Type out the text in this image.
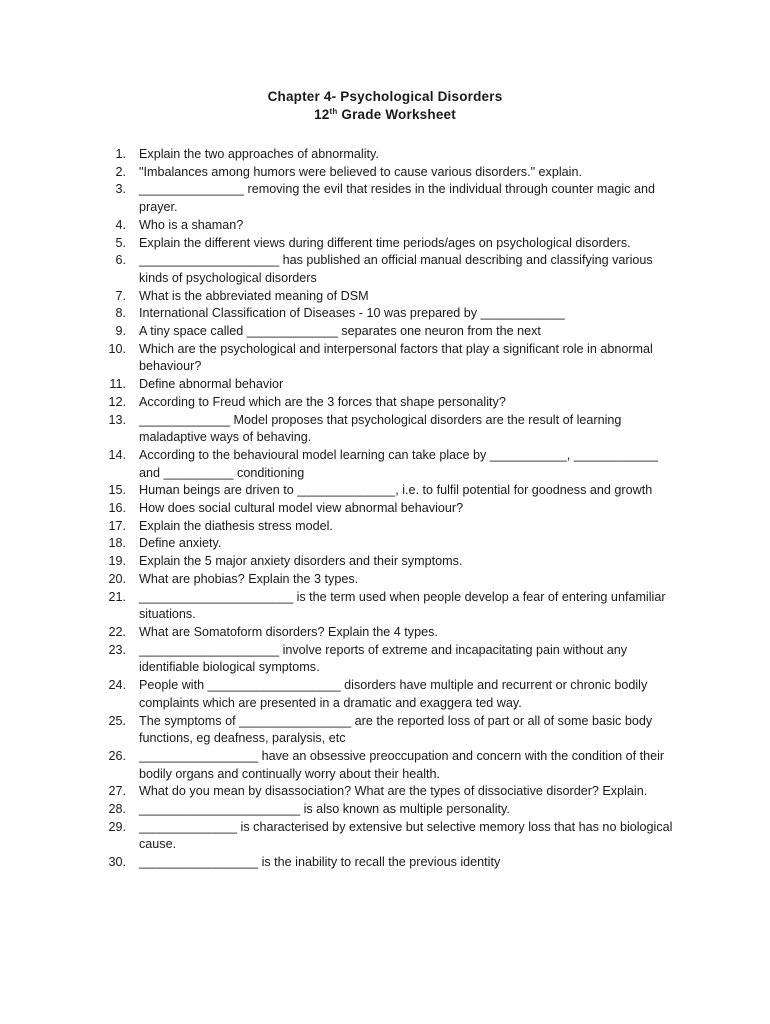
Chapter 4- Psychological Disorders
12th Grade Worksheet
1. Explain the two approaches of abnormality.
2. "Imbalances among humors were believed to cause various disorders." explain.
3. _______________ removing the evil that resides in the individual through counter magic and prayer.
4. Who is a shaman?
5. Explain the different views during different time periods/ages on psychological disorders.
6. ____________________ has published an official manual describing and classifying various kinds of psychological disorders
7. What is the abbreviated meaning of DSM
8. International Classification of Diseases - 10 was prepared by ____________
9. A tiny space called _____________ separates one neuron from the next
10. Which are the psychological and interpersonal factors that play a significant role in abnormal behaviour?
11. Define abnormal behavior
12. According to Freud which are the 3 forces that shape personality?
13. _____________ Model proposes that psychological disorders are the result of learning maladaptive ways of behaving.
14. According to the behavioural model learning can take place by ___________, ____________ and __________ conditioning
15. Human beings are driven to ______________, i.e. to fulfil potential for goodness and growth
16. How does social cultural model view abnormal behaviour?
17. Explain the diathesis stress model.
18. Define anxiety.
19. Explain the 5 major anxiety disorders and their symptoms.
20. What are phobias? Explain the 3 types.
21. ______________________ is the term used when people develop a fear of entering unfamiliar situations.
22. What are Somatoform disorders? Explain the 4 types.
23. ____________________ involve reports of extreme and incapacitating pain without any identifiable biological symptoms.
24. People with ___________________ disorders have multiple and recurrent or chronic bodily complaints which are presented in a dramatic and exaggera ted way.
25. The symptoms of ________________ are the reported loss of part or all of some basic body functions, eg deafness, paralysis, etc
26. _________________ have an obsessive preoccupation and concern with the condition of their bodily organs and continually worry about their health.
27. What do you mean by disassociation? What are the types of dissociative disorder? Explain.
28. _______________________ is also known as multiple personality.
29. ______________ is characterised by extensive but selective memory loss that has no biological cause.
30. _________________ is the inability to recall the previous identity
